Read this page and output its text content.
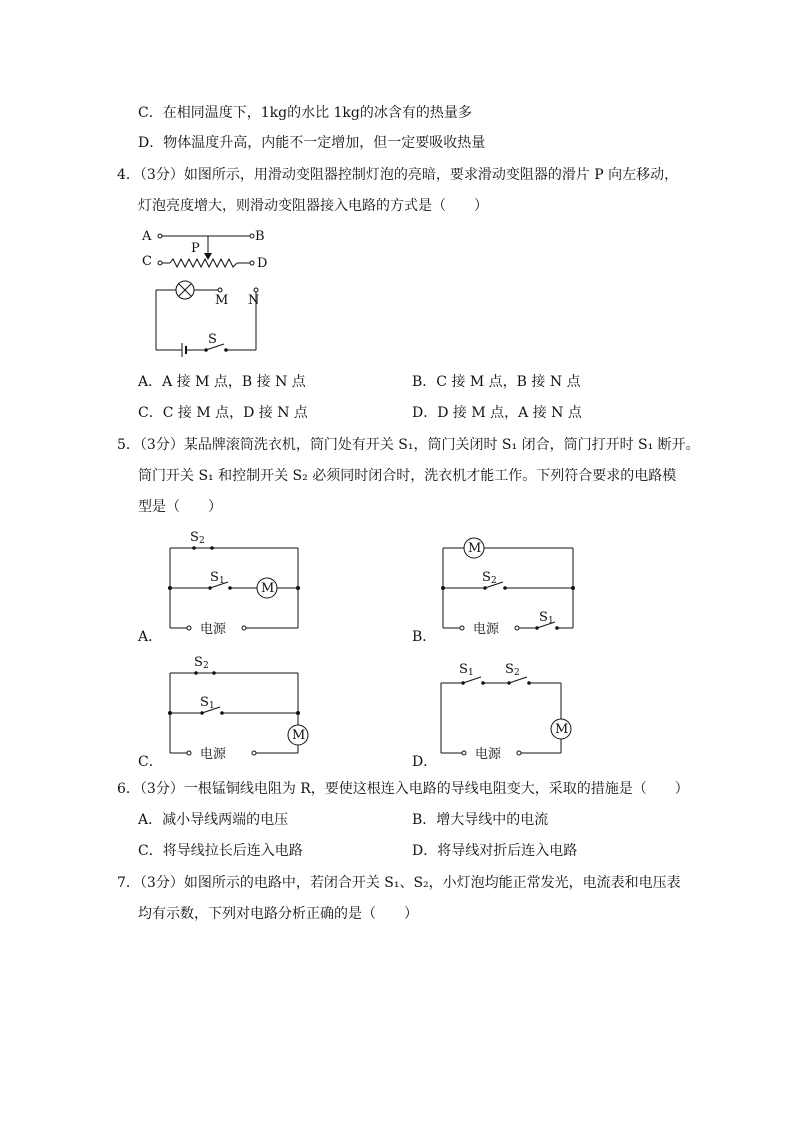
C．在相同温度下，1kg的水比 1kg的冰含有的热量多
D．物体温度升高，内能不一定增加，但一定要吸收热量
4．（3分）如图所示，用滑动变阻器控制灯泡的亮暗，要求滑动变阻器的滑片 P 向左移动，
灯泡亮度增大，则滑动变阻器接入电路的方式是（　　）
A	B
P
C	D
M N
S
A．A 接 M 点，B 接 N 点	B．C 接 M 点，B 接 N 点
C．C 接 M 点，D 接 N 点	D．D 接 M 点，A 接 N 点
5．（3分）某品牌滚筒洗衣机，筒门处有开关 S₁，筒门关闭时 S₁ 闭合，筒门打开时 S₁ 断开。
筒门开关 S₁ 和控制开关 S₂ 必须同时闭合时，洗衣机才能工作。下列符合要求的电路模
型是（　　）
A．
S 2
S 1	M
电源	B．
M
S 2
电源
S 1
C．
S 2
S 1
M
电源	D．
S 1 S 2
M
电源
6．（3分）一根锰铜线电阻为 R，要使这根连入电路的导线电阻变大，采取的措施是（　　）
A．减小导线两端的电压	B．增大导线中的电流
C．将导线拉长后连入电路	D．将导线对折后连入电路
7．（3分）如图所示的电路中，若闭合开关 S₁、S₂，小灯泡均能正常发光，电流表和电压表
均有示数，下列对电路分析正确的是（　　）
